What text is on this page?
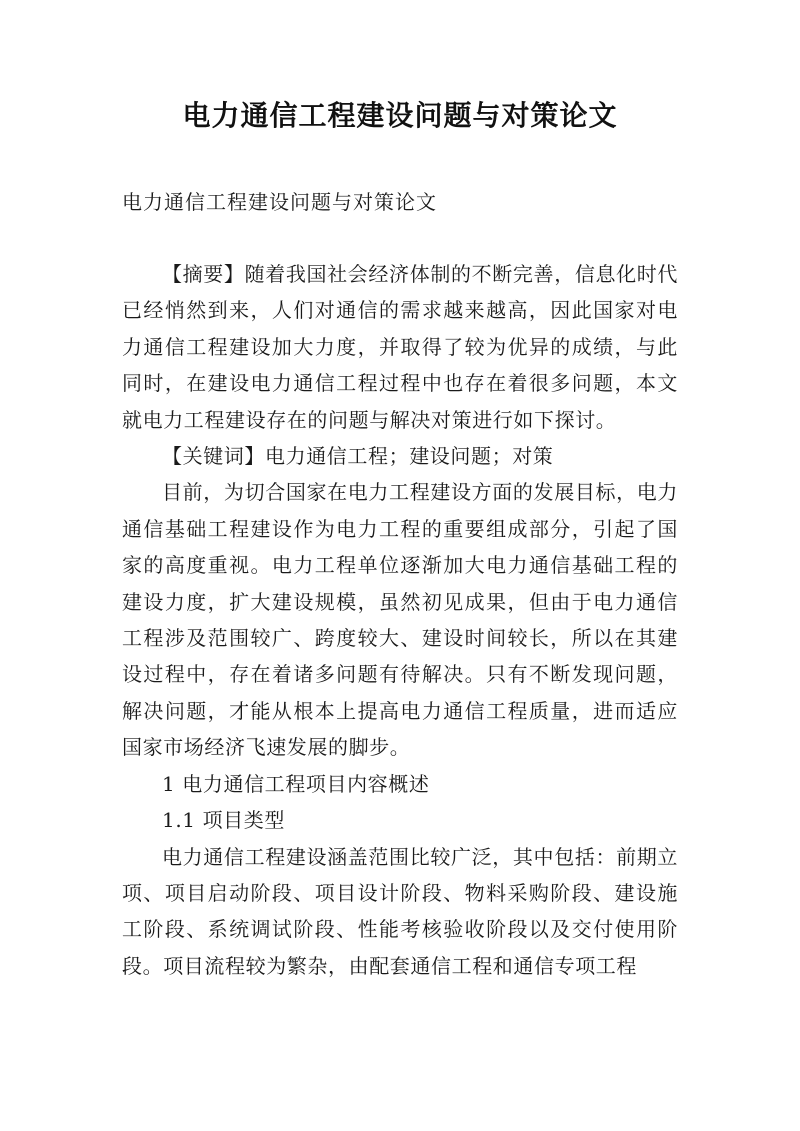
电力通信工程建设问题与对策论文
电力通信工程建设问题与对策论文

【摘要】随着我国社会经济体制的不断完善，信息化时代已经悄然到来，人们对通信的需求越来越高，因此国家对电力通信工程建设加大力度，并取得了较为优异的成绩，与此同时，在建设电力通信工程过程中也存在着很多问题，本文就电力工程建设存在的问题与解决对策进行如下探讨。

【关键词】电力通信工程；建设问题；对策

目前，为切合国家在电力工程建设方面的发展目标，电力通信基础工程建设作为电力工程的重要组成部分，引起了国家的高度重视。电力工程单位逐渐加大电力通信基础工程的建设力度，扩大建设规模，虽然初见成果，但由于电力通信工程涉及范围较广、跨度较大、建设时间较长，所以在其建设过程中，存在着诸多问题有待解决。只有不断发现问题，解决问题，才能从根本上提高电力通信工程质量，进而适应国家市场经济飞速发展的脚步。

1 电力通信工程项目内容概述

1.1 项目类型

电力通信工程建设涵盖范围比较广泛，其中包括：前期立项、项目启动阶段、项目设计阶段、物料采购阶段、建设施工阶段、系统调试阶段、性能考核验收阶段以及交付使用阶段。项目流程较为繁杂，由配套通信工程和通信专项工程
